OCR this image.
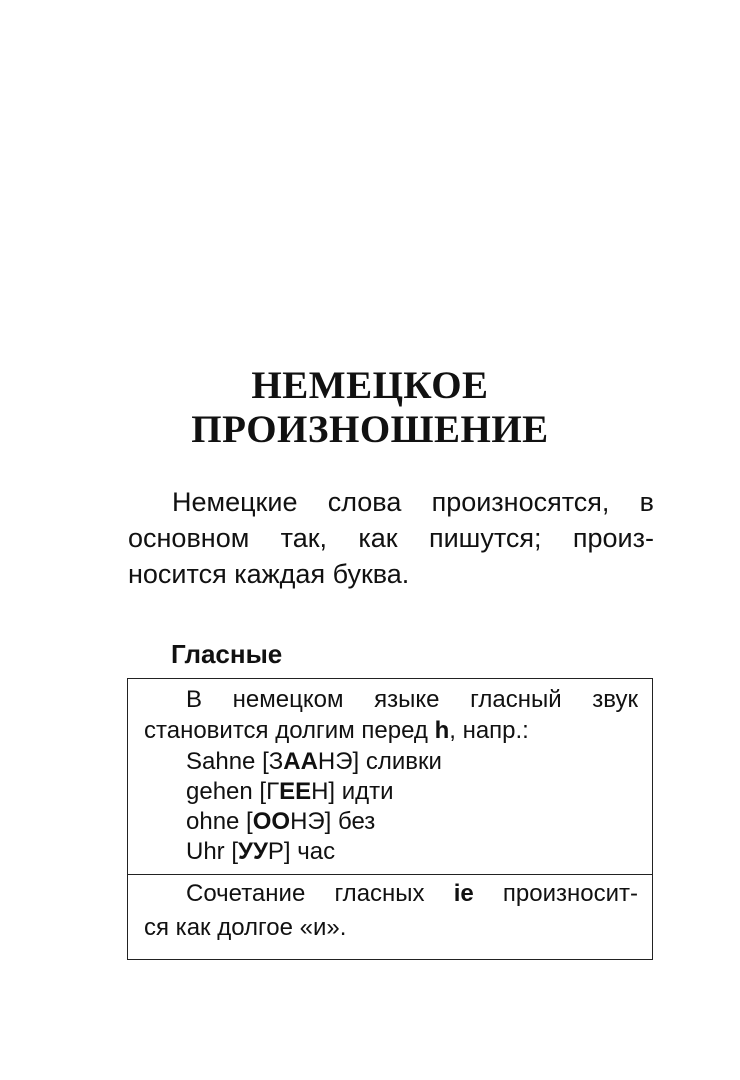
НЕМЕЦКОЕ
ПРОИЗНОШЕНИЕ
Немецкие слова произносятся, в
основном так, как пишутся; произ-
носится каждая буква.
Гласные
В немецком языке гласный звук
становится долгим перед h, напр.:
Sahne [ЗААНЭ] сливки
gehen [ГЕЕН] идти
ohne [ООНЭ] без
Uhr [УУР] час
Сочетание гласных ie произносит-
ся как долгое «и».
